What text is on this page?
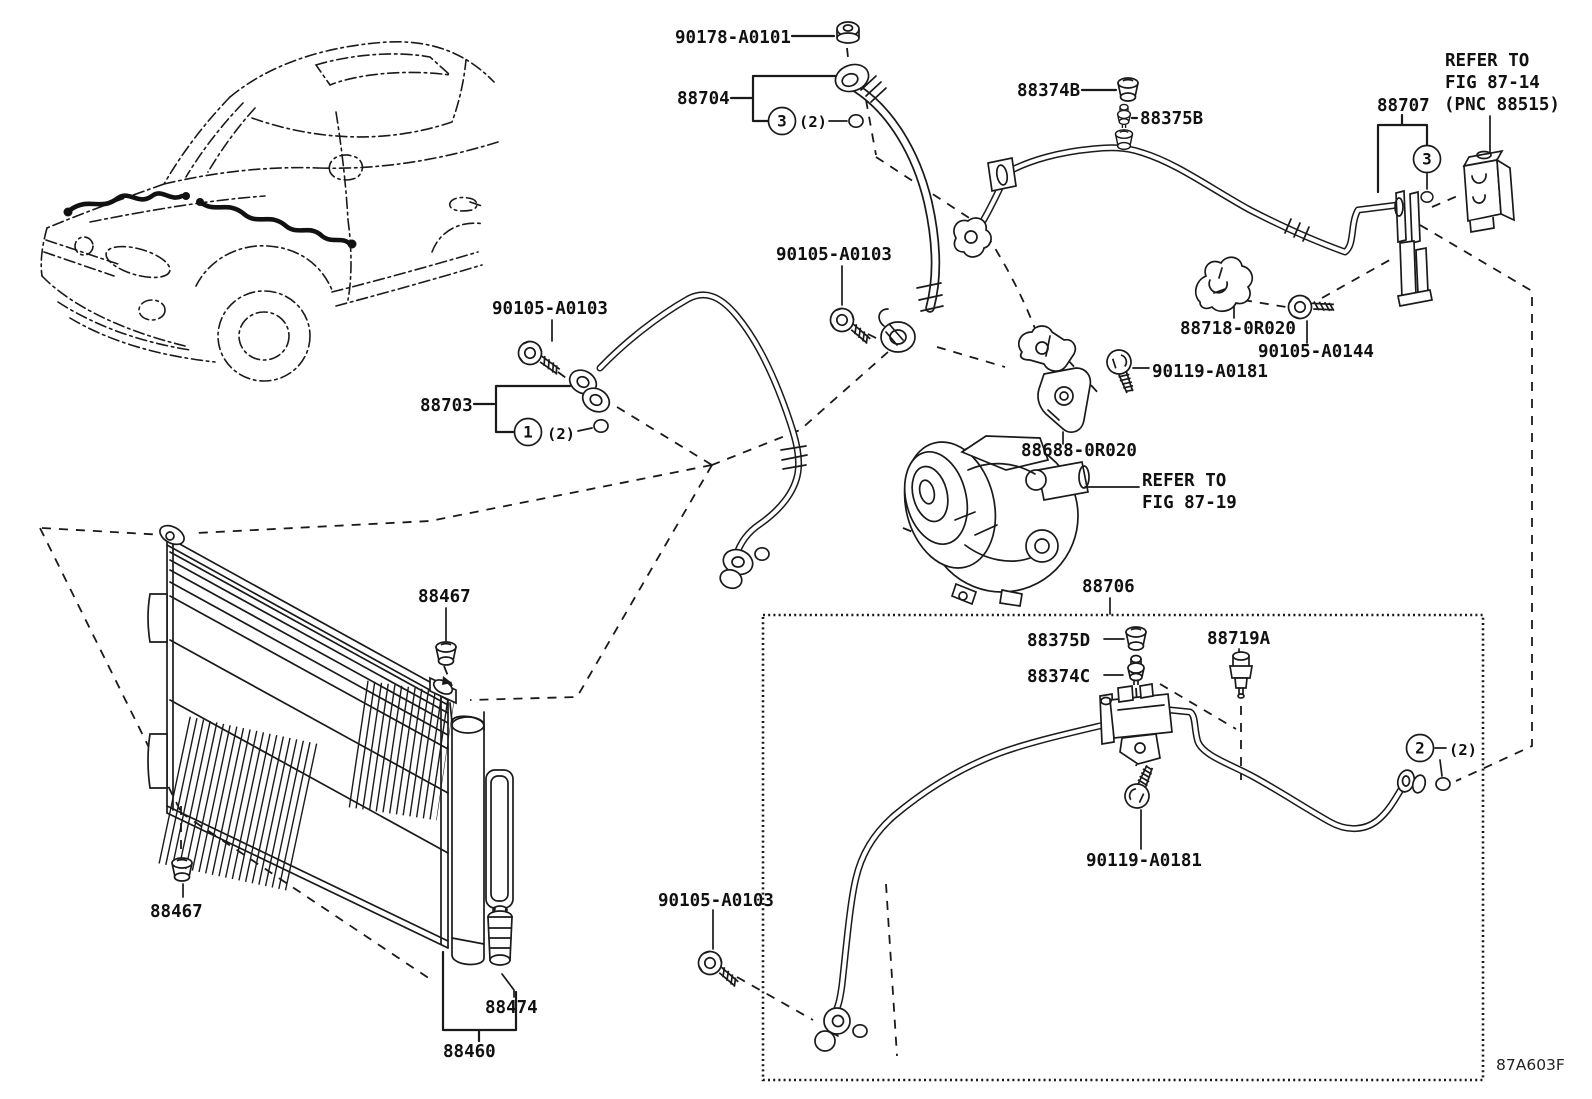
90178-A0101
3 (2)
88704	88374B
88375B
3
88707
REFER TO
FIG 87-14
(PNC 88515)
90105-A0103
1 (2)
88703
90105-A0103
88718-0R020
90105-A0144
90119-A0181
88688-0R020
REFER TO
FIG 87-19
88706
88375D
88374C
88719A
90119-A0181
2 (2)
90105-A0103
88467
88467
88474
88460
87A603F
